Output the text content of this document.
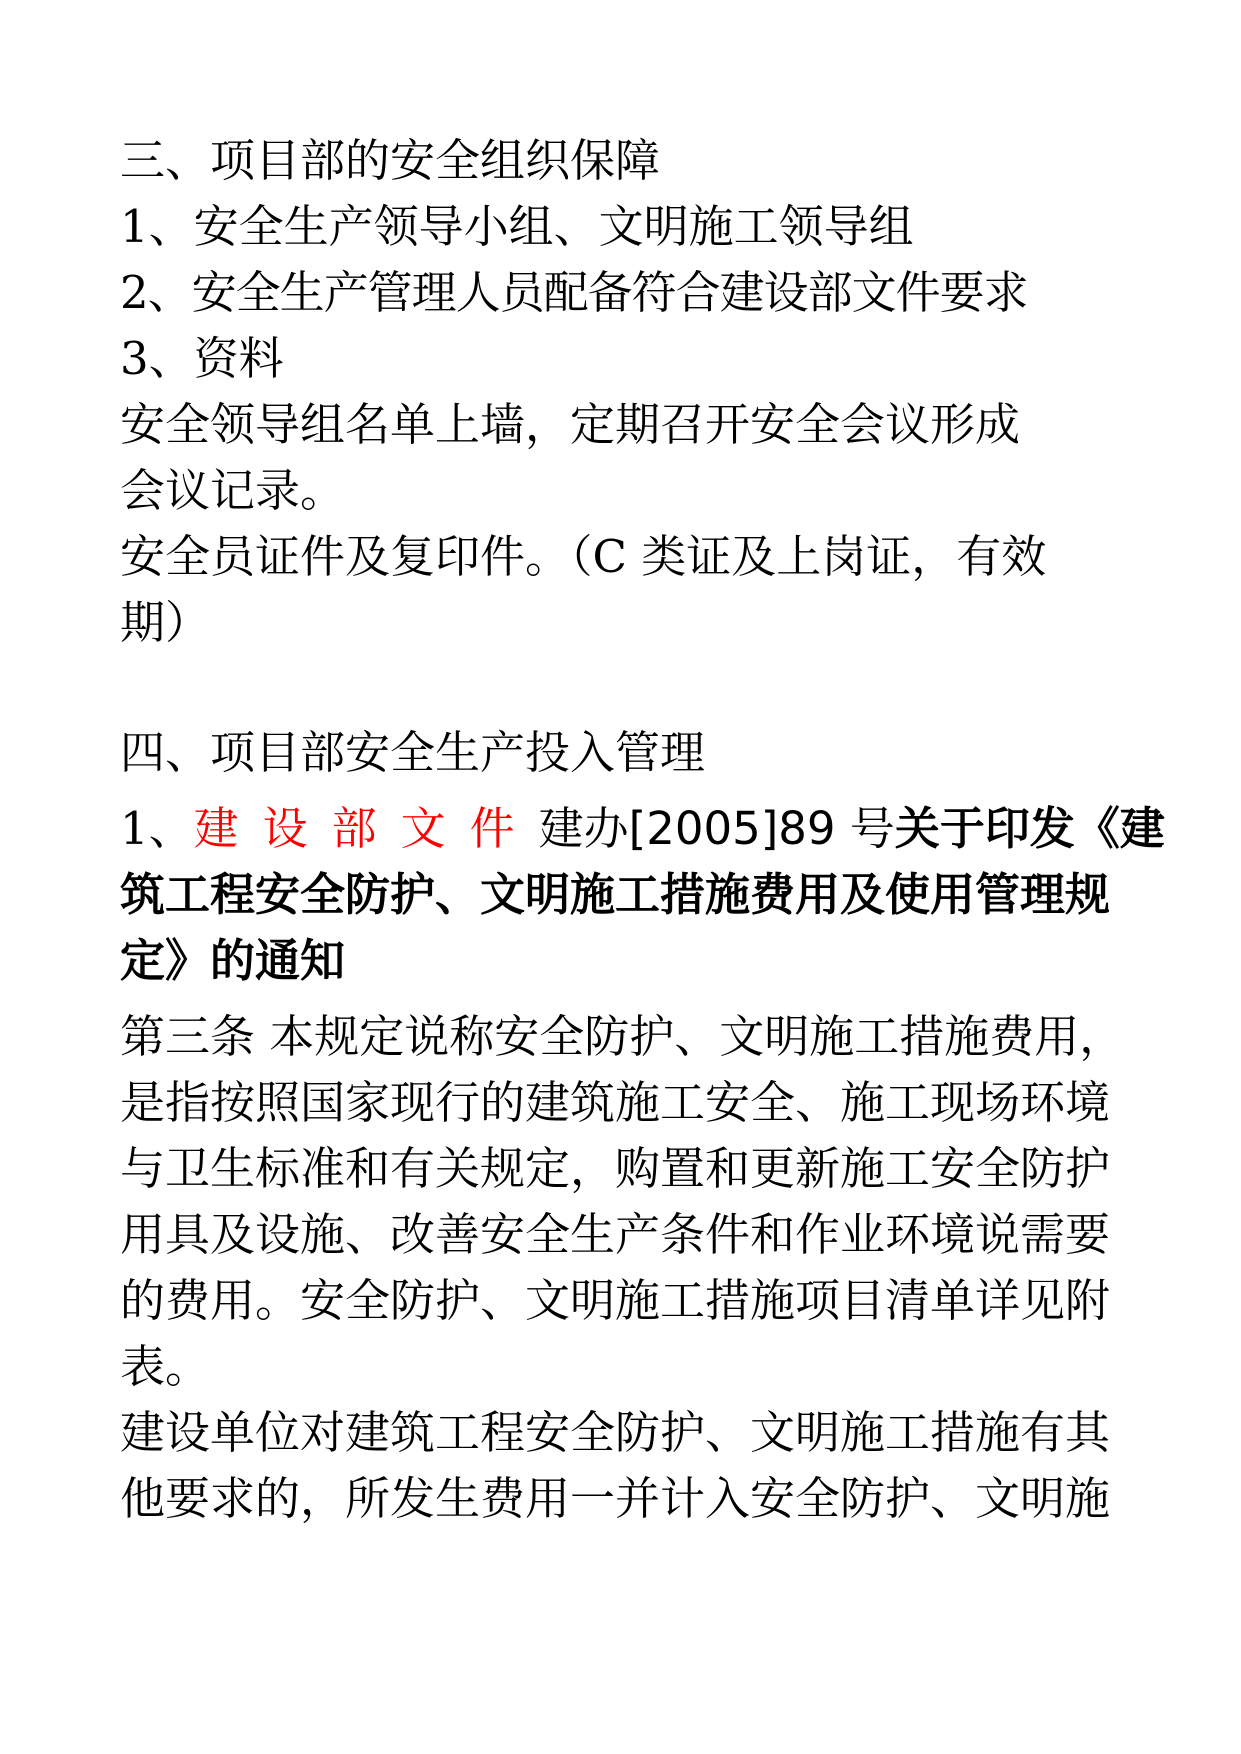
三、项目部的安全组织保障
1、安全生产领导小组、文明施工领导组
2、安全生产管理人员配备符合建设部文件要求
3、资料
安全领导组名单上墙，定期召开安全会议形成
会议记录。
安全员证件及复印件。（C 类证及上岗证，有效
期）
四、项目部安全生产投入管理
1、建设部文件建办[2005]89 号关于印发《建
筑工程安全防护、文明施工措施费用及使用管理规
定》的通知
第三条 本规定说称安全防护、文明施工措施费用，
是指按照国家现行的建筑施工安全、施工现场环境
与卫生标准和有关规定，购置和更新施工安全防护
用具及设施、改善安全生产条件和作业环境说需要
的费用。安全防护、文明施工措施项目清单详见附
表。
建设单位对建筑工程安全防护、文明施工措施有其
他要求的，所发生费用一并计入安全防护、文明施
